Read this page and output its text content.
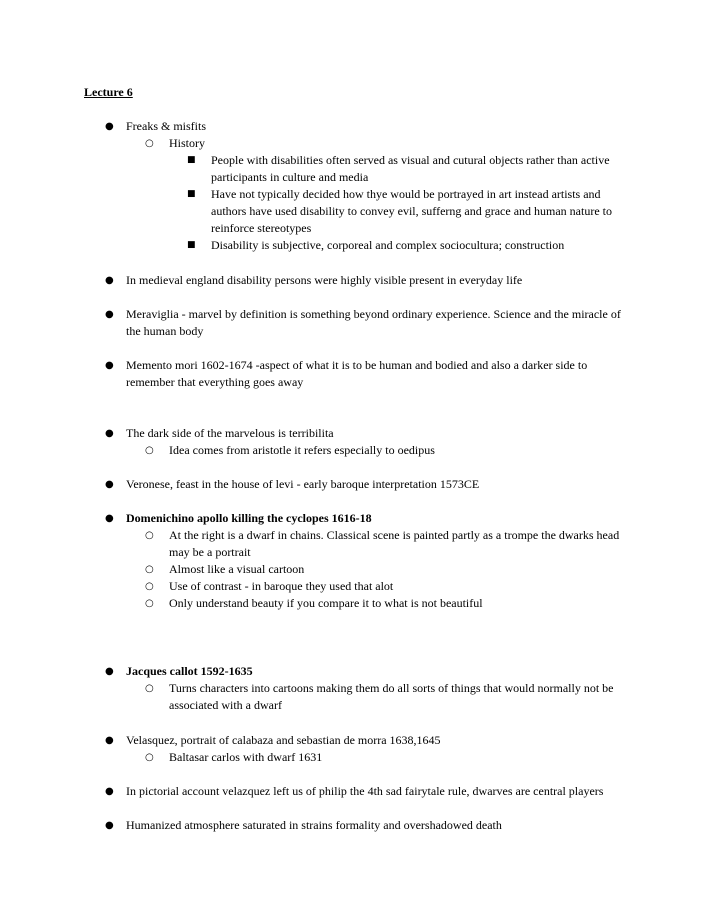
Lecture 6
● Freaks & misfits
○ History
■ People with disabilities often served as visual and cutural objects rather than active participants in culture and media
■ Have not typically decided how thye would be portrayed in art instead artists and authors have used disability to convey evil, sufferng and grace and human nature to reinforce stereotypes
■ Disability is subjective, corporeal and complex sociocultura; construction
● In medieval england disability persons were highly visible present in everyday life
● Meraviglia - marvel by definition is something beyond ordinary experience. Science and the miracle of the human body
● Memento mori 1602-1674 -aspect of what it is to be human and bodied and also a darker side to remember that everything goes away
● The dark side of the marvelous is terribilita
○ Idea comes from aristotle it refers especially to oedipus
● Veronese, feast in the house of levi - early baroque interpretation 1573CE
● Domenichino apollo killing the cyclopes 1616-18
○ At the right is a dwarf in chains. Classical scene is painted partly as a trompe the dwarks head may be a portrait
○ Almost like a visual cartoon
○ Use of contrast - in baroque they used that alot
○ Only understand beauty if you compare it to what is not beautiful
● Jacques callot 1592-1635
○ Turns characters into cartoons making them do all sorts of things that would normally not be associated with a dwarf
● Velasquez, portrait of calabaza and sebastian de morra 1638,1645
○ Baltasar carlos with dwarf 1631
● In pictorial account velazquez left us of philip the 4th sad fairytale rule, dwarves are central players
● Humanized atmosphere saturated in strains formality and overshadowed death
